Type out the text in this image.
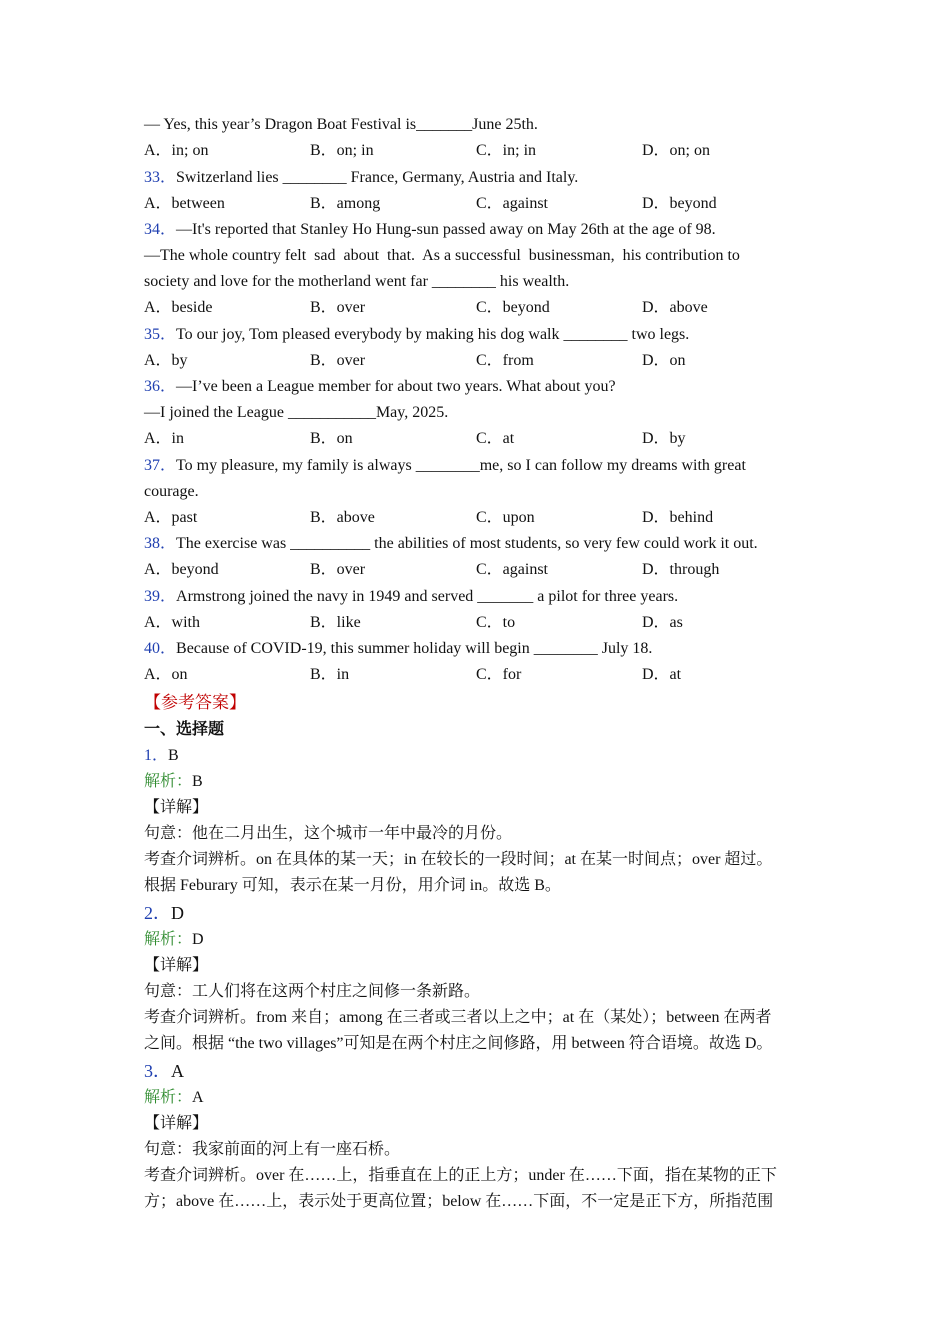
— Yes, this year’s Dragon Boat Festival is_______June 25th.
A．in; on	B．on; in	C．in; in	D．on; on
33．Switzerland lies ________ France, Germany, Austria and Italy.
A．between	B．among	C．against	D．beyond
34．—It's reported that Stanley Ho Hung-sun passed away on May 26th at the age of 98.
—The whole country felt  sad  about  that.  As a successful  businessman,  his contribution to
society and love for the motherland went far ________ his wealth.
A．beside	B．over	C．beyond	D．above
35．To our joy, Tom pleased everybody by making his dog walk ________ two legs.
A．by	B．over	C．from	D．on
36．—I’ve been a League member for about two years. What about you?
—I joined the League ___________May, 2025.
A．in	B．on	C．at	D．by
37．To my pleasure, my family is always ________me, so I can follow my dreams with great
courage.
A．past	B．above	C．upon	D．behind
38．The exercise was __________ the abilities of most students, so very few could work it out.
A．beyond	B．over	C．against	D．through
39．Armstrong joined the navy in 1949 and served _______ a pilot for three years.
A．with	B．like	C．to	D．as
40．Because of COVID-19, this summer holiday will begin ________ July 18.
A．on	B．in	C．for	D．at
【参考答案】
一、选择题
1．B
解析：B
【详解】
句意：他在二月出生，这个城市一年中最冷的月份。
考查介词辨析。on 在具体的某一天；in 在较长的一段时间；at 在某一时间点；over 超过。
根据 Feburary 可知，表示在某一月份，用介词 in。故选 B。
2．D
解析：D
【详解】
句意：工人们将在这两个村庄之间修一条新路。
考查介词辨析。from 来自；among 在三者或三者以上之中；at 在（某处）；between 在两者
之间。根据 “the two villages”可知是在两个村庄之间修路，用 between 符合语境。故选 D。
3．A
解析：A
【详解】
句意：我家前面的河上有一座石桥。
考查介词辨析。over 在……上，指垂直在上的正上方；under 在……下面，指在某物的正下
方；above 在……上，表示处于更高位置；below 在……下面，不一定是正下方，所指范围
